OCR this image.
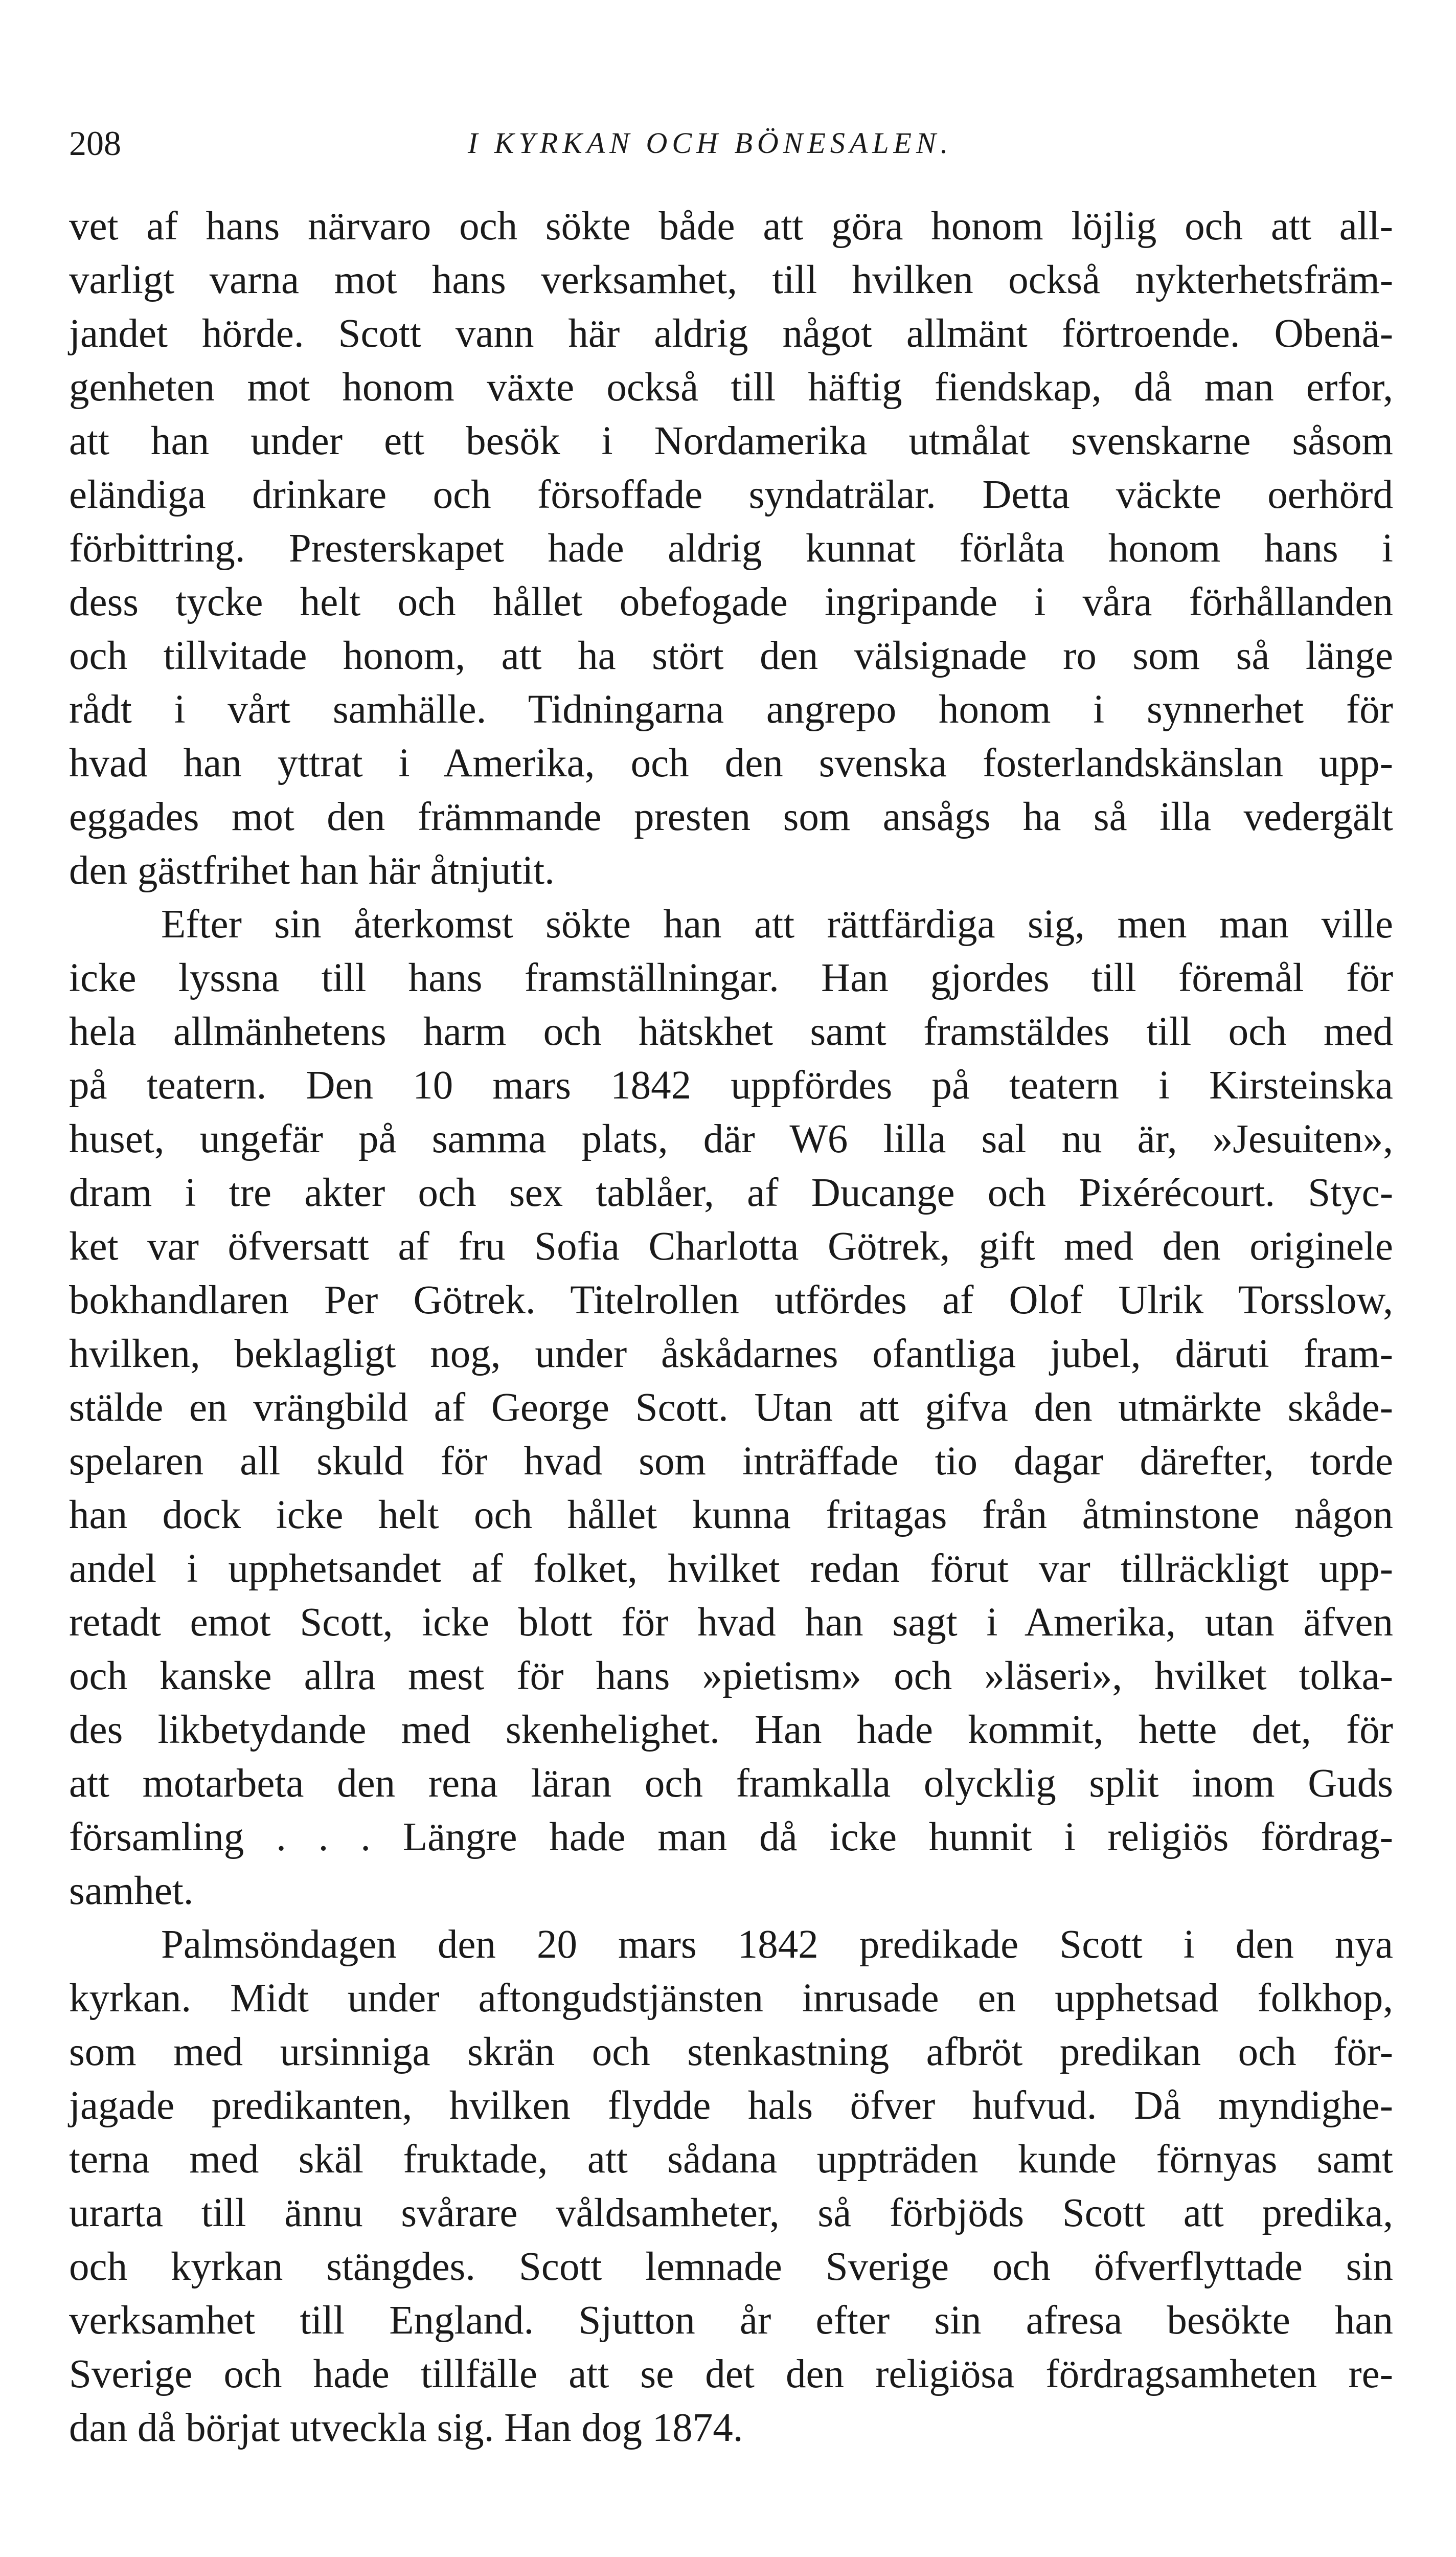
208	I KYRKAN OCH BÖNESALEN.

vet af hans närvaro och sökte både att göra honom löjlig och att all-
varligt varna mot hans verksamhet, till hvilken också nykterhetsfräm-
jandet hörde. Scott vann här aldrig något allmänt förtroende. Obenä-
genheten mot honom växte också till häftig fiendskap, då man erfor,
att han under ett besök i Nordamerika utmålat svenskarne såsom
eländiga drinkare och försoffade syndaträlar. Detta väckte oerhörd
förbittring. Presterskapet hade aldrig kunnat förlåta honom hans i
dess tycke helt och hållet obefogade ingripande i våra förhållanden
och tillvitade honom, att ha stört den välsignade ro som så länge
rådt i vårt samhälle. Tidningarna angrepo honom i synnerhet för
hvad han yttrat i Amerika, och den svenska fosterlandskänslan upp-
eggades mot den främmande presten som ansågs ha så illa vedergält
den gästfrihet han här åtnjutit.

Efter sin återkomst sökte han att rättfärdiga sig, men man ville
icke lyssna till hans framställningar. Han gjordes till föremål för
hela allmänhetens harm och hätskhet samt framstäldes till och med
på teatern. Den 10 mars 1842 uppfördes på teatern i Kirsteinska
huset, ungefär på samma plats, där W6 lilla sal nu är, »Jesuiten»,
dram i tre akter och sex tablåer, af Ducange och Pixérécourt. Styc-
ket var öfversatt af fru Sofia Charlotta Götrek, gift med den originele
bokhandlaren Per Götrek. Titelrollen utfördes af Olof Ulrik Torsslow,
hvilken, beklagligt nog, under åskådarnes ofantliga jubel, däruti fram-
stälde en vrängbild af George Scott. Utan att gifva den utmärkte skåde-
spelaren all skuld för hvad som inträffade tio dagar därefter, torde
han dock icke helt och hållet kunna fritagas från åtminstone någon
andel i upphetsandet af folket, hvilket redan förut var tillräckligt upp-
retadt emot Scott, icke blott för hvad han sagt i Amerika, utan äfven
och kanske allra mest för hans »pietism» och »läseri», hvilket tolka-
des likbetydande med skenhelighet. Han hade kommit, hette det, för
att motarbeta den rena läran och framkalla olycklig split inom Guds
församling . . . Längre hade man då icke hunnit i religiös fördrag-
samhet.

Palmsöndagen den 20 mars 1842 predikade Scott i den nya
kyrkan. Midt under aftongudstjänsten inrusade en upphetsad folkhop,
som med ursinniga skrän och stenkastning afbröt predikan och för-
jagade predikanten, hvilken flydde hals öfver hufvud. Då myndighe-
terna med skäl fruktade, att sådana uppträden kunde förnyas samt
urarta till ännu svårare våldsamheter, så förbjöds Scott att predika,
och kyrkan stängdes. Scott lemnade Sverige och öfverflyttade sin
verksamhet till England. Sjutton år efter sin afresa besökte han
Sverige och hade tillfälle att se det den religiösa fördragsamheten re-
dan då börjat utveckla sig. Han dog 1874.
